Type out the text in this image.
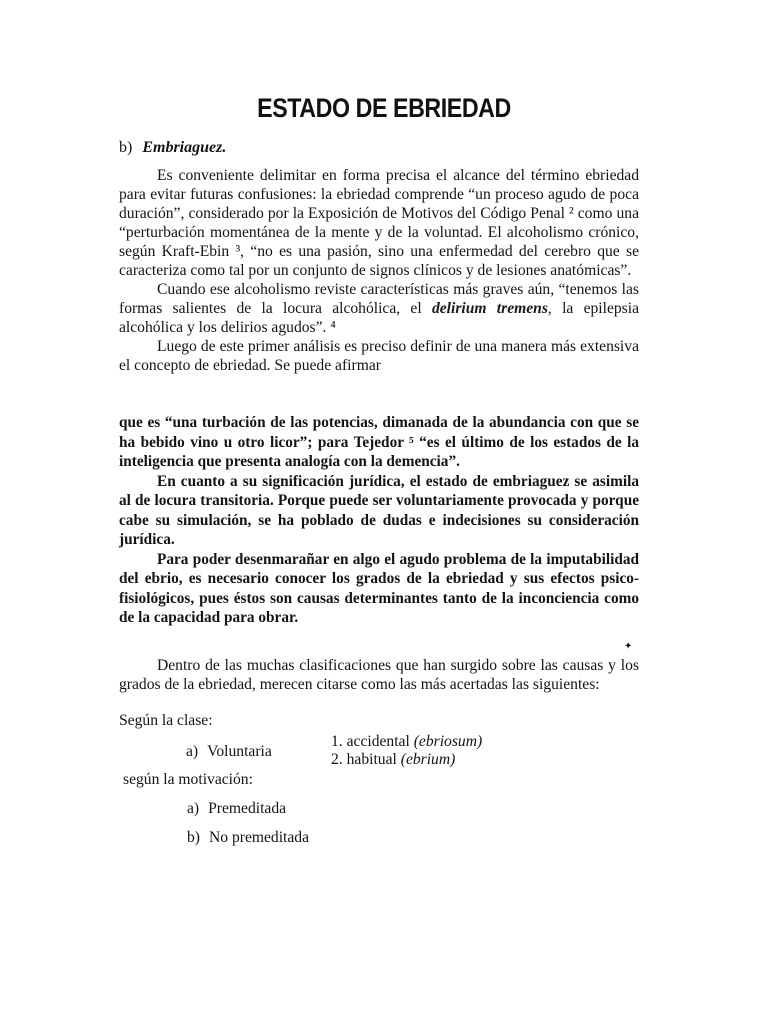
ESTADO DE EBRIEDAD
b) Embriaguez.

Es conveniente delimitar en forma precisa el alcance del término ebriedad para evitar futuras confusiones: la ebriedad comprende “un proceso agudo de poca duración”, considerado por la Exposición de Motivos del Código Penal ² como una “perturbación momentánea de la mente y de la voluntad. El alcoholismo crónico, según Kraft-Ebin ³, “no es una pasión, sino una enfermedad del cerebro que se caracteriza como tal por un conjunto de signos clínicos y de lesiones anatómicas”.

Cuando ese alcoholismo reviste características más graves aún, “tenemos las formas salientes de la locura alcohólica, el delirium tremens, la epilepsia alcohólica y los delirios agudos”. ⁴

Luego de este primer análisis es preciso definir de una manera más extensiva el concepto de ebriedad. Se puede afirmar

que es “una turbación de las potencias, dimanada de la abundancia con que se ha bebido vino u otro licor”; para Tejedor ⁵ “es el último de los estados de la inteligencia que presenta analogía con la demencia”.

En cuanto a su significación jurídica, el estado de embriaguez se asimila al de locura transitoria. Porque puede ser voluntariamente provocada y porque cabe su simulación, se ha poblado de dudas e indecisiones su consideración jurídica.

Para poder desenmarañar en algo el agudo problema de la imputabilidad del ebrio, es necesario conocer los grados de la ebriedad y sus efectos psico-fisiológicos, pues éstos son causas determinantes tanto de la inconciencia como de la capacidad para obrar.

✦

Dentro de las muchas clasificaciones que han surgido sobre las causas y los grados de la ebriedad, merecen citarse como las más acertadas las siguientes:

Según la clase:
a) Voluntaria
1. accidental (ebriosum)
2. habitual (ebrium)
según la motivación:
a) Premeditada
b) No premeditada
